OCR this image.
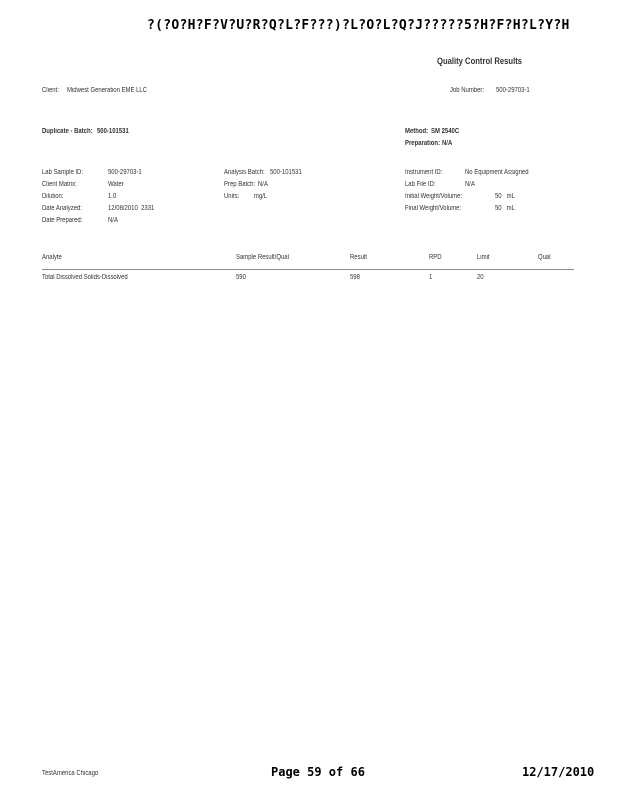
?(?O?H?F?V?U?R?Q?L?F???)?L?O?L?Q?J?????5?H?F?H?L?Y?H
Quality Control Results
Client: Midwest Generation EME LLC	Job Number: 500-29703-1
Duplicate - Batch: 500-101531	Method: SM 2540C
Preparation: N/A
Lab Sample ID:	500-29703-1
Client Matrix:	Water
Dilution:	1.0
Date Analyzed:	12/08/2010  2331
Date Prepared:	N/A
Analysis Batch: 500-101531
Prep Batch: N/A
Units: mg/L
Instrument ID:	No Equipment Assigned
Lab File ID:	N/A
Initial Weight/Volume:	50   mL
Final Weight/Volume:	50   mL
Analyte	Sample Result/Qual	Result	RPD	Limit	Qual
Total Dissolved Solids-Dissolved	590	598	1	20
TestAmerica Chicago	Page 59 of 66	12/17/2010
